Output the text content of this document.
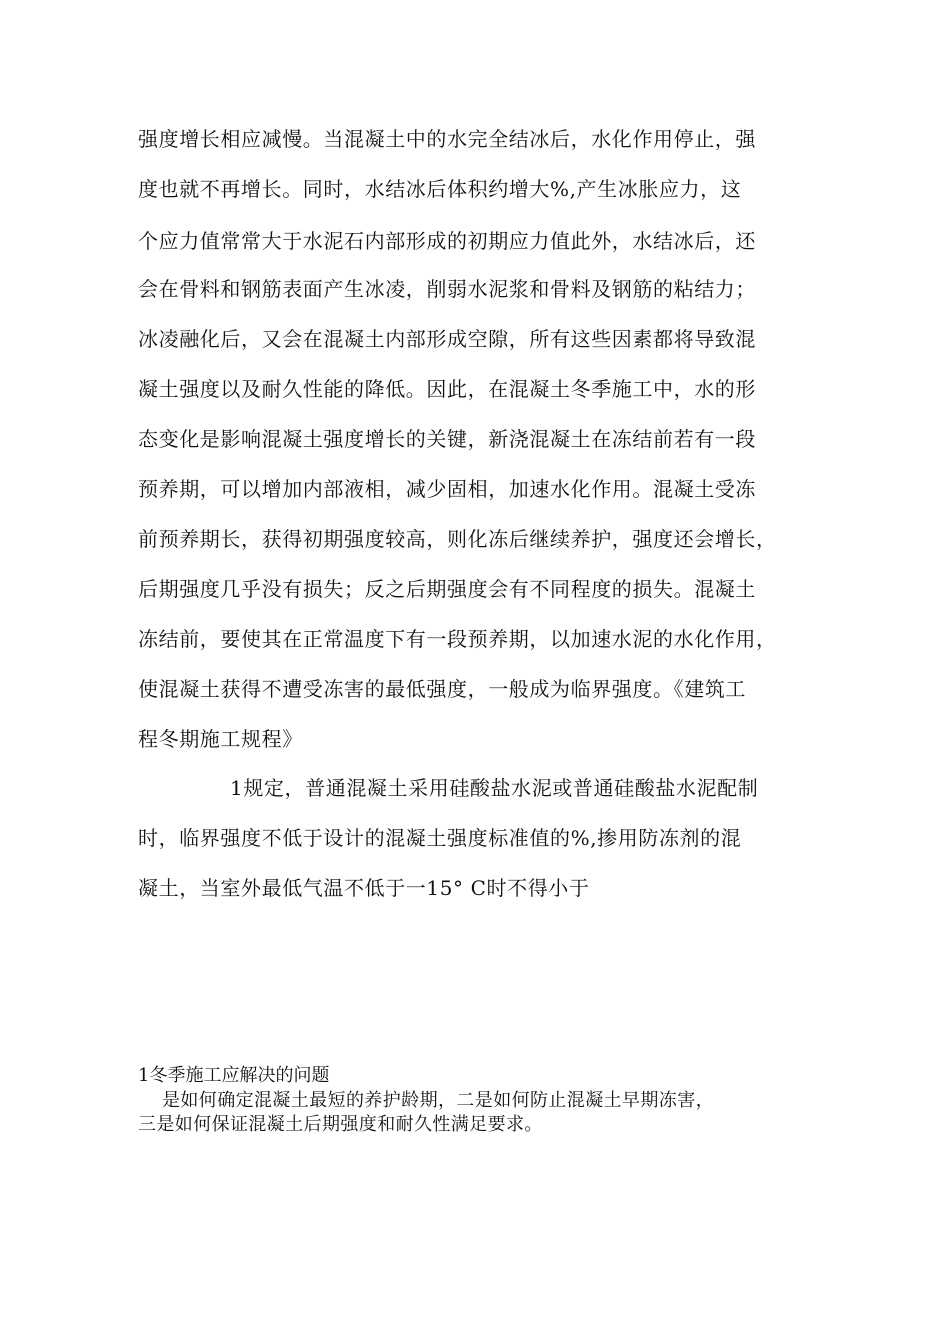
强度增长相应减慢。当混凝土中的水完全结冰后，水化作用停止，强
度也就不再增长。同时，水结冰后体积约增大%,产生冰胀应力，这
个应力值常常大于水泥石内部形成的初期应力值此外，水结冰后，还
会在骨料和钢筋表面产生冰凌，削弱水泥浆和骨料及钢筋的粘结力；
冰凌融化后，又会在混凝土内部形成空隙，所有这些因素都将导致混
凝土强度以及耐久性能的降低。因此，在混凝土冬季施工中，水的形
态变化是影响混凝土强度增长的关键，新浇混凝土在冻结前若有一段
预养期，可以增加内部液相，减少固相，加速水化作用。混凝土受冻
前预养期长，获得初期强度较高，则化冻后继续养护，强度还会增长，
后期强度几乎没有损失；反之后期强度会有不同程度的损失。混凝土
冻结前，要使其在正常温度下有一段预养期，以加速水泥的水化作用，
使混凝土获得不遭受冻害的最低强度，一般成为临界强度。《建筑工
程冬期施工规程》
1规定，普通混凝土采用硅酸盐水泥或普通硅酸盐水泥配制
时，临界强度不低于设计的混凝土强度标准值的%,掺用防冻剂的混
凝土，当室外最低气温不低于一15° C时不得小于
1冬季施工应解决的问题
是如何确定混凝土最短的养护龄期，二是如何防止混凝土早期冻害，
三是如何保证混凝土后期强度和耐久性满足要求。
